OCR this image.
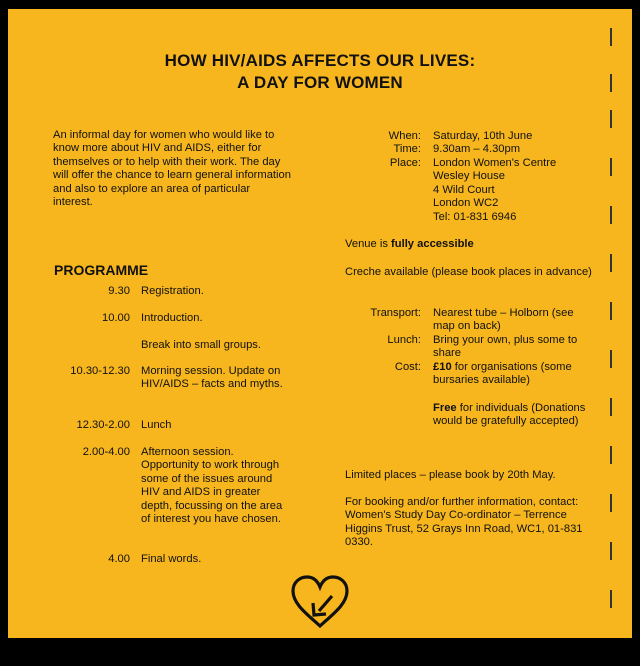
HOW HIV/AIDS AFFECTS OUR LIVES:
A DAY FOR WOMEN
An informal day for women who would like to know more about HIV and AIDS, either for themselves or to help with their work. The day will offer the chance to learn general information and also to explore an area of particular interest.
PROGRAMME
9.30 Registration.
10.00 Introduction.
Break into small groups.
10.30-12.30 Morning session. Update on HIV/AIDS – facts and myths.
12.30-2.00 Lunch
2.00-4.00 Afternoon session. Opportunity to work through some of the issues around HIV and AIDS in greater depth, focussing on the area of interest you have chosen.
4.00 Final words.
When: Saturday, 10th June
Time: 9.30am – 4.30pm
Place: London Women's Centre
Wesley House
4 Wild Court
London WC2
Tel: 01-831 6946
Venue is fully accessible
Creche available (please book places in advance)
Transport: Nearest tube – Holborn (see map on back)
Lunch: Bring your own, plus some to share
Cost: £10 for organisations (some bursaries available)
Free for individuals (Donations would be gratefully accepted)
Limited places – please book by 20th May.
For booking and/or further information, contact: Women's Study Day Co-ordinator – Terrence Higgins Trust, 52 Grays Inn Road, WC1, 01-831 0330.
